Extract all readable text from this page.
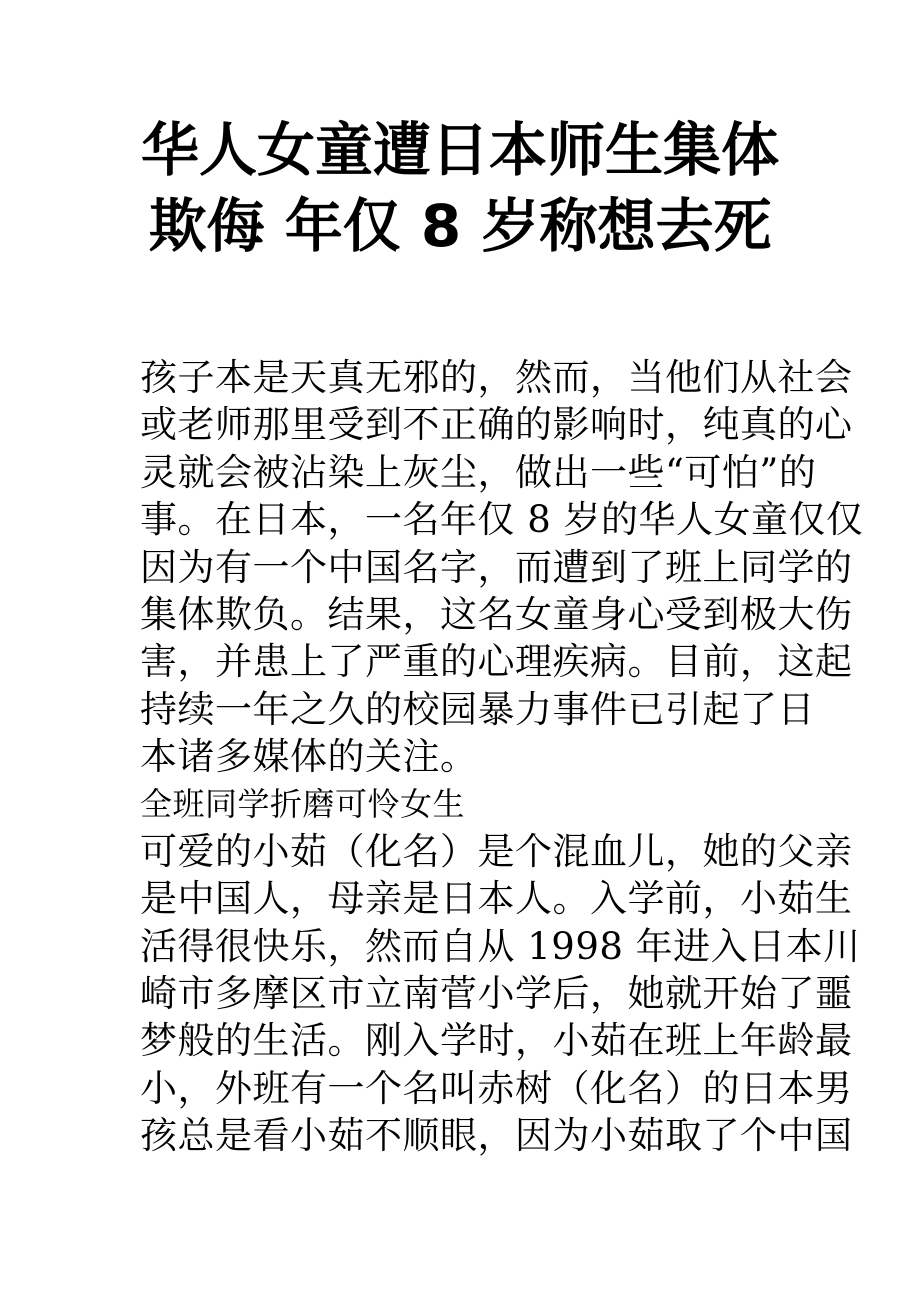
华人女童遭日本师生集体
欺侮 年仅 8 岁称想去死
孩子本是天真无邪的，然而，当他们从社会
或老师那里受到不正确的影响时，纯真的心
灵就会被沾染上灰尘，做出一些“可怕”的
事。在日本，一名年仅 8 岁的华人女童仅仅
因为有一个中国名字，而遭到了班上同学的
集体欺负。结果，这名女童身心受到极大伤
害，并患上了严重的心理疾病。目前，这起
持续一年之久的校园暴力事件已引起了日
本诸多媒体的关注。
全班同学折磨可怜女生
可爱的小茹（化名）是个混血儿，她的父亲
是中国人，母亲是日本人。入学前，小茹生
活得很快乐，然而自从 1998 年进入日本川
崎市多摩区市立南菅小学后，她就开始了噩
梦般的生活。刚入学时，小茹在班上年龄最
小，外班有一个名叫赤树（化名）的日本男
孩总是看小茹不顺眼，因为小茹取了个中国
